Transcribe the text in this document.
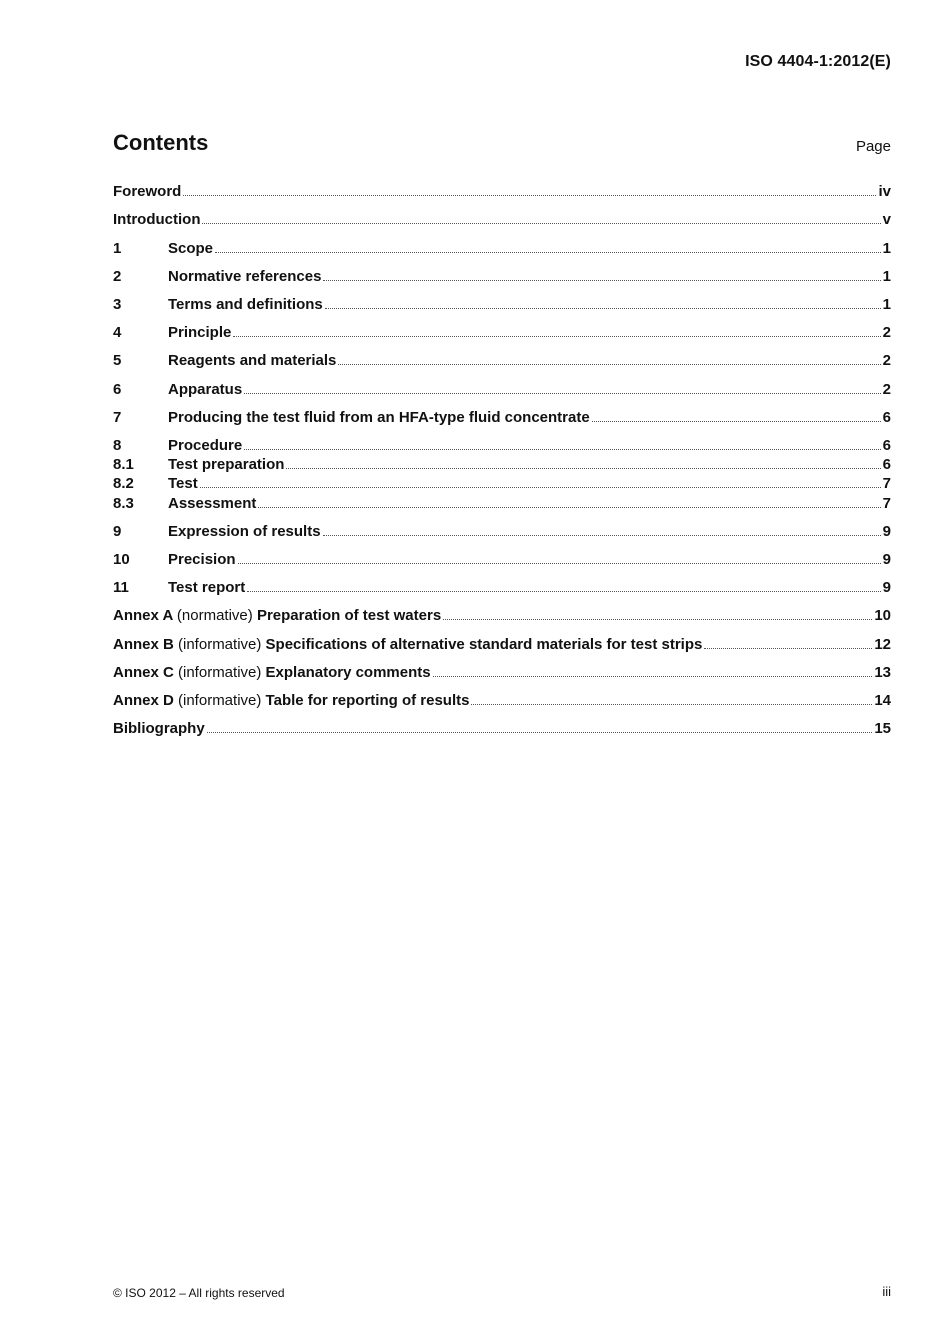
ISO 4404-1:2012(E)
Contents	Page
Foreword	iv
Introduction	v
1	Scope	1
2	Normative references	1
3	Terms and definitions	1
4	Principle	2
5	Reagents and materials	2
6	Apparatus	2
7	Producing the test fluid from an HFA-type fluid concentrate	6
8	Procedure	6
8.1	Test preparation	6
8.2	Test	7
8.3	Assessment	7
9	Expression of results	9
10	Precision	9
11	Test report	9
Annex A (normative) Preparation of test waters	10
Annex B (informative) Specifications of alternative standard materials for test strips	12
Annex C (informative) Explanatory comments	13
Annex D (informative) Table for reporting of results	14
Bibliography	15
© ISO 2012 – All rights reserved	iii
